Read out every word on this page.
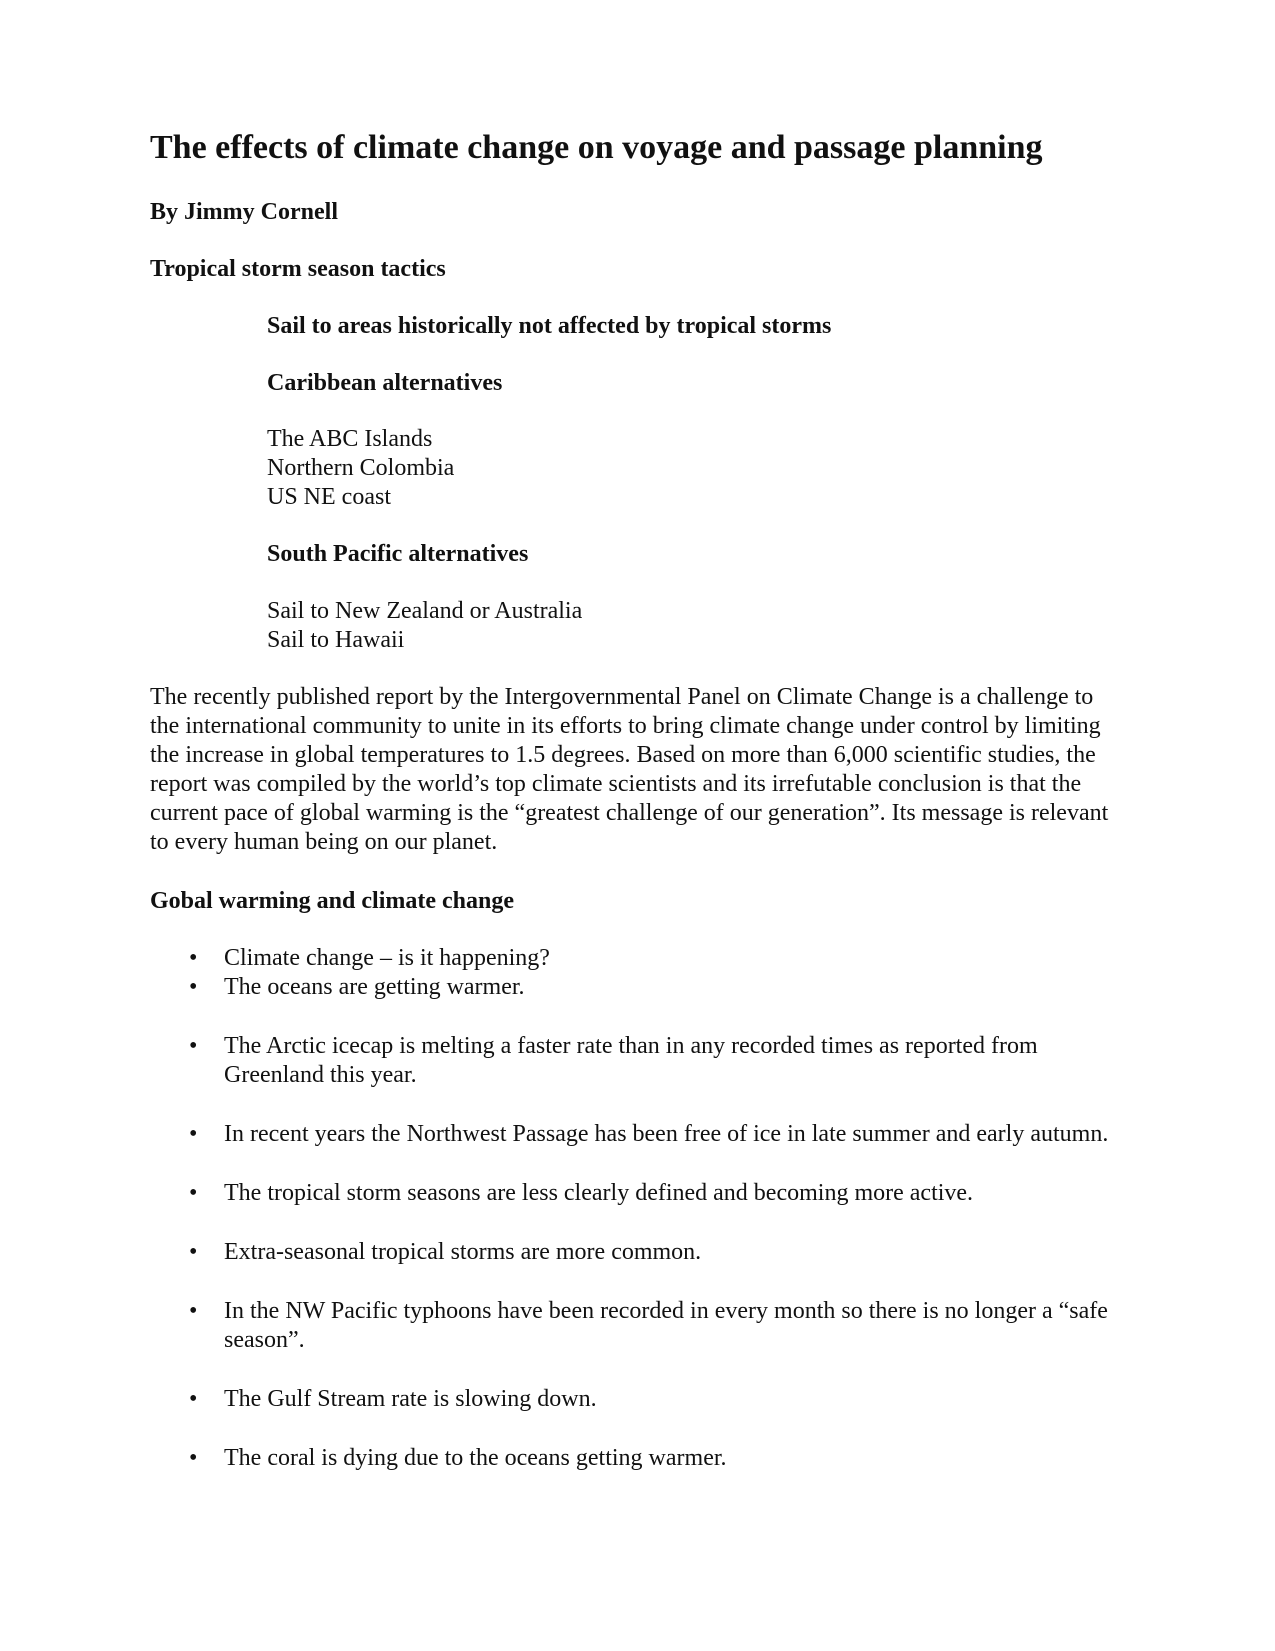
The effects of climate change on voyage and passage planning

By Jimmy Cornell

Tropical storm season tactics

Sail to areas historically not affected by tropical storms

Caribbean alternatives

The ABC Islands
Northern Colombia
US NE coast

South Pacific alternatives

Sail to New Zealand or Australia
Sail to Hawaii

The recently published report by the Intergovernmental Panel on Climate Change is a challenge to the international community to unite in its efforts to bring climate change under control by limiting the increase in global temperatures to 1.5 degrees. Based on more than 6,000 scientific studies, the report was compiled by the world’s top climate scientists and its irrefutable conclusion is that the current pace of global warming is the “greatest challenge of our generation”. Its message is relevant to every human being on our planet.

Gobal warming and climate change

• Climate change – is it happening?
• The oceans are getting warmer.
• The Arctic icecap is melting a faster rate than in any recorded times as reported from Greenland this year.
• In recent years the Northwest Passage has been free of ice in late summer and early autumn.
• The tropical storm seasons are less clearly defined and becoming more active.
• Extra-seasonal tropical storms are more common.
• In the NW Pacific typhoons have been recorded in every month so there is no longer a “safe season”.
• The Gulf Stream rate is slowing down.
• The coral is dying due to the oceans getting warmer.
